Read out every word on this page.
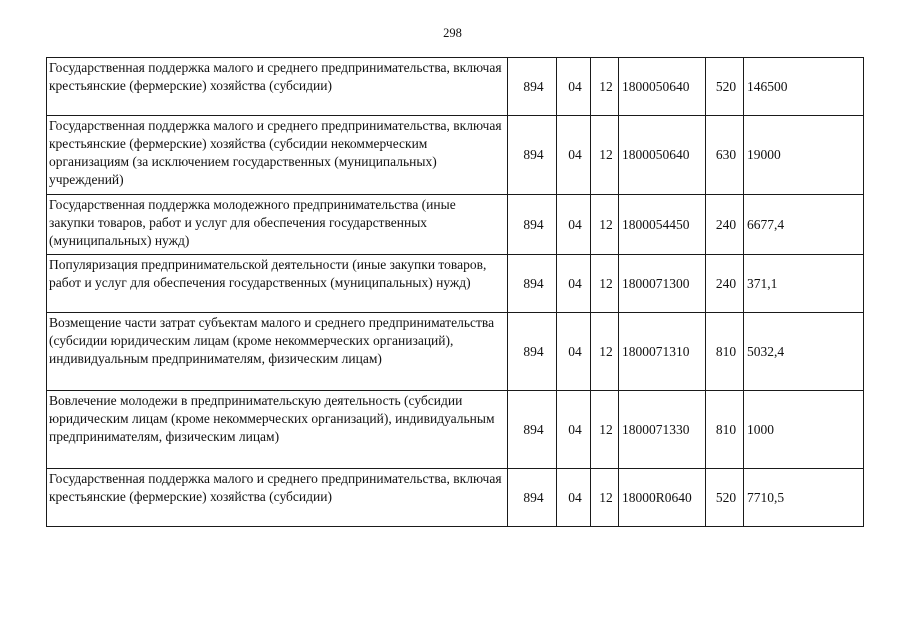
298
Государственная поддержка малого и среднего предпринимательства, включая крестьянские (фермерские) хозяйства (субсидии)	894	04	12	1800050640	520	146500
Государственная поддержка малого и среднего предпринимательства, включая крестьянские (фермерские) хозяйства (субсидии некоммерческим организациям (за исключением государственных (муниципальных) учреждений)	894	04	12	1800050640	630	19000
Государственная поддержка молодежного предпринимательства (иные закупки товаров, работ и услуг для обеспечения государственных (муниципальных) нужд)	894	04	12	1800054450	240	6677,4
Популяризация предпринимательской деятельности (иные закупки товаров, работ и услуг для обеспечения государственных (муниципальных) нужд)	894	04	12	1800071300	240	371,1
Возмещение части затрат субъектам малого и среднего предпринимательства (субсидии юридическим лицам (кроме некоммерческих организаций), индивидуальным предпринимателям, физическим лицам)	894	04	12	1800071310	810	5032,4
Вовлечение молодежи в предпринимательскую деятельность (субсидии юридическим лицам (кроме некоммерческих организаций), индивидуальным предпринимателям, физическим лицам)	894	04	12	1800071330	810	1000
Государственная поддержка малого и среднего предпринимательства, включая крестьянские (фермерские) хозяйства (субсидии)	894	04	12	18000R0640	520	7710,5
